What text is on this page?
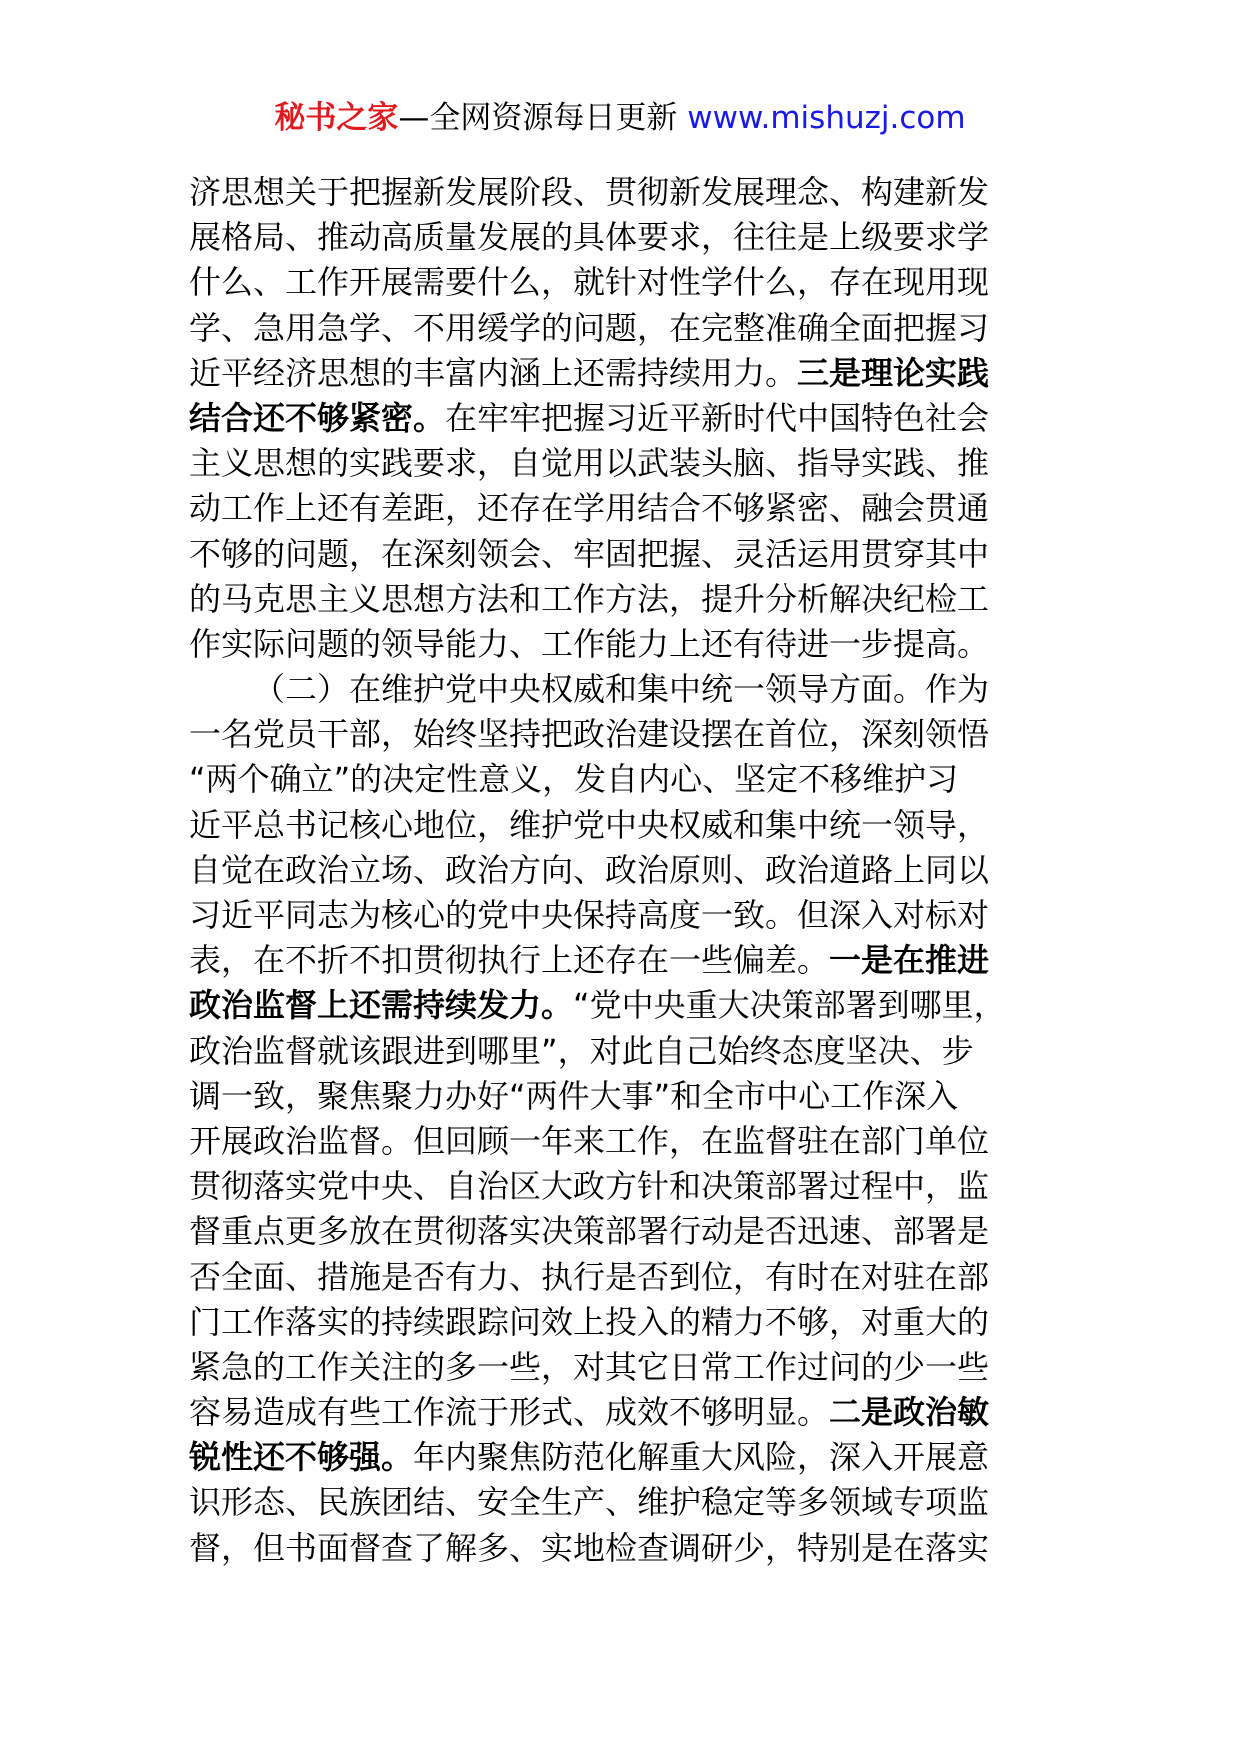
秘书之家—全网资源每日更新 www.mishuzj.com
济思想关于把握新发展阶段、贯彻新发展理念、构建新发
展格局、推动高质量发展的具体要求，往往是上级要求学
什么、工作开展需要什么，就针对性学什么，存在现用现
学、急用急学、不用缓学的问题，在完整准确全面把握习
近平经济思想的丰富内涵上还需持续用力。三是理论实践
结合还不够紧密。在牢牢把握习近平新时代中国特色社会
主义思想的实践要求，自觉用以武装头脑、指导实践、推
动工作上还有差距，还存在学用结合不够紧密、融会贯通
不够的问题，在深刻领会、牢固把握、灵活运用贯穿其中
的马克思主义思想方法和工作方法，提升分析解决纪检工
作实际问题的领导能力、工作能力上还有待进一步提高。
（二）在维护党中央权威和集中统一领导方面。作为
一名党员干部，始终坚持把政治建设摆在首位，深刻领悟
“两个确立”的决定性意义，发自内心、坚定不移维护习
近平总书记核心地位，维护党中央权威和集中统一领导，
自觉在政治立场、政治方向、政治原则、政治道路上同以
习近平同志为核心的党中央保持高度一致。但深入对标对
表，在不折不扣贯彻执行上还存在一些偏差。一是在推进
政治监督上还需持续发力。“党中央重大决策部署到哪里，
政治监督就该跟进到哪里”，对此自己始终态度坚决、步
调一致，聚焦聚力办好“两件大事”和全市中心工作深入
开展政治监督。但回顾一年来工作，在监督驻在部门单位
贯彻落实党中央、自治区大政方针和决策部署过程中，监
督重点更多放在贯彻落实决策部署行动是否迅速、部署是
否全面、措施是否有力、执行是否到位，有时在对驻在部
门工作落实的持续跟踪问效上投入的精力不够，对重大的
紧急的工作关注的多一些，对其它日常工作过问的少一些
容易造成有些工作流于形式、成效不够明显。二是政治敏
锐性还不够强。年内聚焦防范化解重大风险，深入开展意
识形态、民族团结、安全生产、维护稳定等多领域专项监
督，但书面督查了解多、实地检查调研少，特别是在落实
